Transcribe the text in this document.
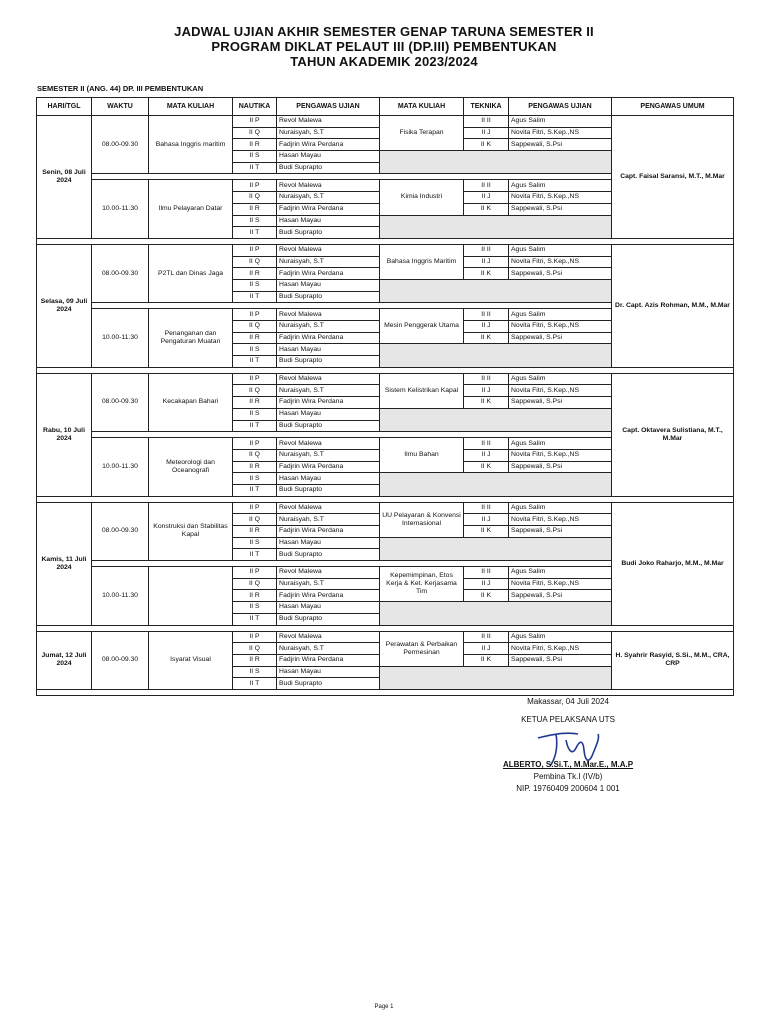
JADWAL UJIAN AKHIR SEMESTER GENAP TARUNA SEMESTER II
PROGRAM DIKLAT PELAUT III (DP.III) PEMBENTUKAN
TAHUN AKADEMIK 2023/2024
SEMESTER II (ANG. 44) DP. III PEMBENTUKAN
HARI/TGL	WAKTU	MATA KULIAH	NAUTIKA	PENGAWAS UJIAN	MATA KULIAH	TEKNIKA	PENGAWAS UJIAN	PENGAWAS UMUM
Senin, 08 Juli 2024	08.00-09.30	Bahasa Inggris maritim	II P	Revol Malewa	Fisika Terapan	II II	Agus Salim	Capt. Faisal Saransi, M.T., M.Mar
			II Q	Nuraisyah, S.T		II J	Novita Fitri, S.Kep.,NS	
			II R	Fadjrin Wira Perdana		II K	Sappewali, S.Psi	
			II S	Hasan Mayau				
			II T	Budi Suprapto				

	10.00-11.30	Ilmu Pelayaran Datar	II P	Revol Malewa	Kimia Industri	II II	Agus Salim	
			II Q	Nuraisyah, S.T		II J	Novita Fitri, S.Kep.,NS	
			II R	Fadjrin Wira Perdana		II K	Sappewali, S.Psi	
			II S	Hasan Mayau				
			II T	Budi Suprapto				

Selasa, 09 Juli 2024	08.00-09.30	P2TL dan Dinas Jaga	II P	Revol Malewa	Bahasa Inggris Maritim	II II	Agus Salim	Dr. Capt. Azis Rohman, M.M., M.Mar
			II Q	Nuraisyah, S.T		II J	Novita Fitri, S.Kep.,NS	
			II R	Fadjrin Wira Perdana		II K	Sappewali, S.Psi	
			II S	Hasan Mayau				
			II T	Budi Suprapto				

	10.00-11.30	Penanganan dan Pengaturan Muatan	II P	Revol Malewa	Mesin Penggerak Utama	II II	Agus Salim	
			II Q	Nuraisyah, S.T		II J	Novita Fitri, S.Kep.,NS	
			II R	Fadjrin Wira Perdana		II K	Sappewali, S.Psi	
			II S	Hasan Mayau				
			II T	Budi Suprapto				

Rabu, 10 Juli 2024	08.00-09.30	Kecakapan Bahari	II P	Revol Malewa	Sistem Kelistrikan Kapal	II II	Agus Salim	Capt. Oktavera Sulistiana, M.T., M.Mar
			II Q	Nuraisyah, S.T		II J	Novita Fitri, S.Kep.,NS	
			II R	Fadjrin Wira Perdana		II K	Sappewali, S.Psi	
			II S	Hasan Mayau				
			II T	Budi Suprapto				

	10.00-11.30	Meteorologi dan Oceanografi	II P	Revol Malewa	Ilmu Bahan	II II	Agus Salim	
			II Q	Nuraisyah, S.T		II J	Novita Fitri, S.Kep.,NS	
			II R	Fadjrin Wira Perdana		II K	Sappewali, S.Psi	
			II S	Hasan Mayau				
			II T	Budi Suprapto				

Kamis, 11 Juli 2024	08.00-09.30	Konstruksi dan Stabilitas Kapal	II P	Revol Malewa	UU Pelayaran & Konvensi Internasional	II II	Agus Salim	Budi Joko Raharjo, M.M., M.Mar
			II Q	Nuraisyah, S.T		II J	Novita Fitri, S.Kep.,NS	
			II R	Fadjrin Wira Perdana		II K	Sappewali, S.Psi	
			II S	Hasan Mayau				
			II T	Budi Suprapto				

	10.00-11.30		II P	Revol Malewa	Kepemimpinan, Etos Kerja & Ket. Kerjasama Tim	II II	Agus Salim	
			II Q	Nuraisyah, S.T		II J	Novita Fitri, S.Kep.,NS	
			II R	Fadjrin Wira Perdana		II K	Sappewali, S.Psi	
			II S	Hasan Mayau				
			II T	Budi Suprapto				

Jumat, 12 Juli 2024	08.00-09.30	Isyarat Visual	II P	Revol Malewa	Perawatan & Perbaikan Permesinan	II II	Agus Salim	H. Syahrir Rasyid, S.Si., M.M., CRA, CRP
			II Q	Nuraisyah, S.T		II J	Novita Fitri, S.Kep.,NS	
			II R	Fadjrin Wira Perdana		II K	Sappewali, S.Psi	
			II S	Hasan Mayau				
			II T	Budi Suprapto				

Makassar, 04 Juli 2024
KETUA PELAKSANA UTS
ALBERTO, S.Si.T., M.Mar.E., M.A.P
Pembina Tk.I (IV/b)
NIP. 19760409 200604 1 001
Page 1
